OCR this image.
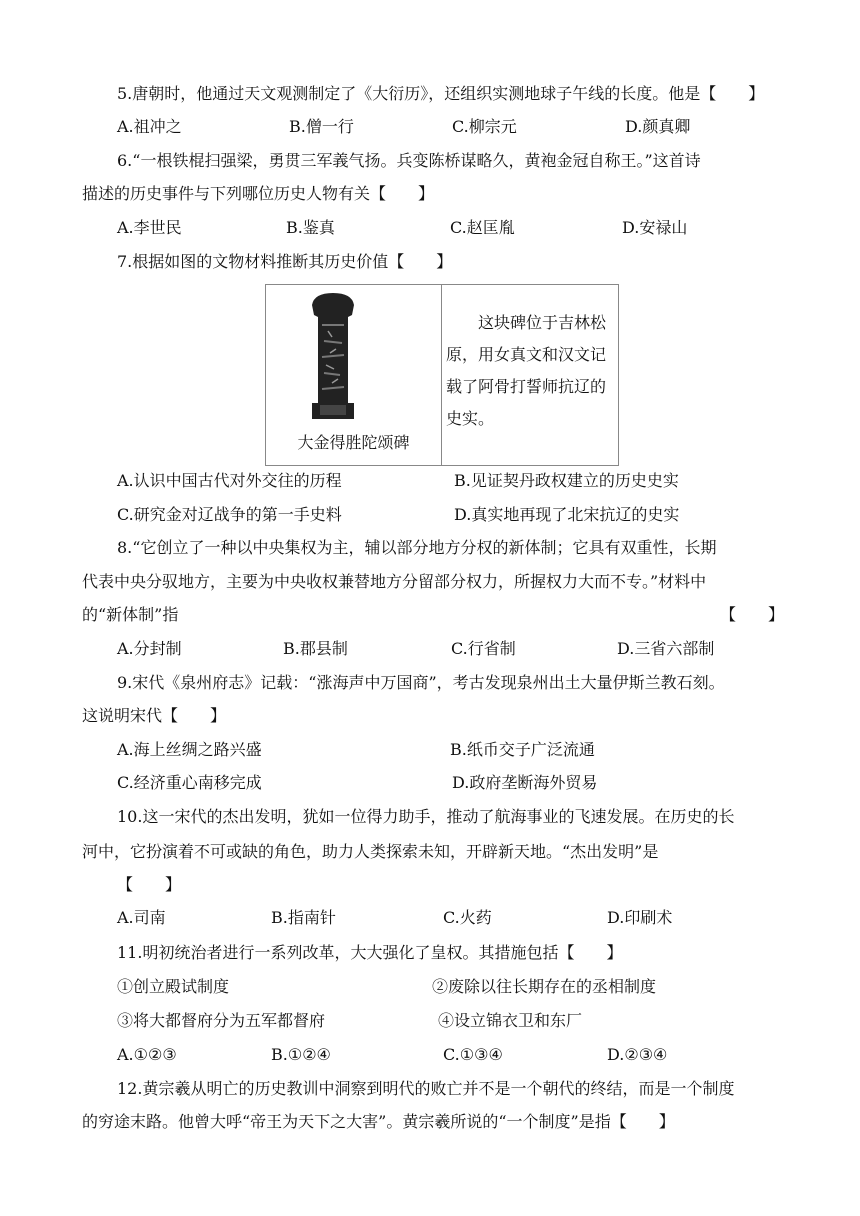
5.唐朝时，他通过天文观测制定了《大衍历》，还组织实测地球子午线的长度。他是【　　】
A.祖冲之	B.僧一行	C.柳宗元	D.颜真卿
6.“一根铁棍扫强梁，勇贯三军義气扬。兵变陈桥谋略久，黄袍金冠自称王。”这首诗
描述的历史事件与下列哪位历史人物有关【　　】
A.李世民	B.鉴真	C.赵匡胤	D.安禄山
7.根据如图的文物材料推断其历史价值【　　】
大金得胜陀颂碑
这块碑位于吉林松原，用女真文和汉文记载了阿骨打誓师抗辽的史实。
A.认识中国古代对外交往的历程	B.见证契丹政权建立的历史史实
C.研究金对辽战争的第一手史料	D.真实地再现了北宋抗辽的史实
8.“它创立了一种以中央集权为主，辅以部分地方分权的新体制；它具有双重性，长期
代表中央分驭地方，主要为中央收权兼替地方分留部分权力，所握权力大而不专。”材料中
的“新体制”指	【　　】
A.分封制	B.郡县制	C.行省制	D.三省六部制
9.宋代《泉州府志》记载：“涨海声中万国商”，考古发现泉州出土大量伊斯兰教石刻。
这说明宋代【　　】
A.海上丝绸之路兴盛	B.纸币交子广泛流通
C.经济重心南移完成	D.政府垄断海外贸易
10.这一宋代的杰出发明，犹如一位得力助手，推动了航海事业的飞速发展。在历史的长
河中，它扮演着不可或缺的角色，助力人类探索未知，开辟新天地。“杰出发明”是
【　　】
A.司南	B.指南针	C.火药	D.印刷术
11.明初统治者进行一系列改革，大大强化了皇权。其措施包括【　　】
①创立殿试制度	②废除以往长期存在的丞相制度
③将大都督府分为五军都督府	④设立锦衣卫和东厂
A.①②③	B.①②④	C.①③④	D.②③④
12.黄宗羲从明亡的历史教训中洞察到明代的败亡并不是一个朝代的终结，而是一个制度
的穷途末路。他曾大呼“帝王为天下之大害”。黄宗羲所说的“一个制度”是指【　　】
